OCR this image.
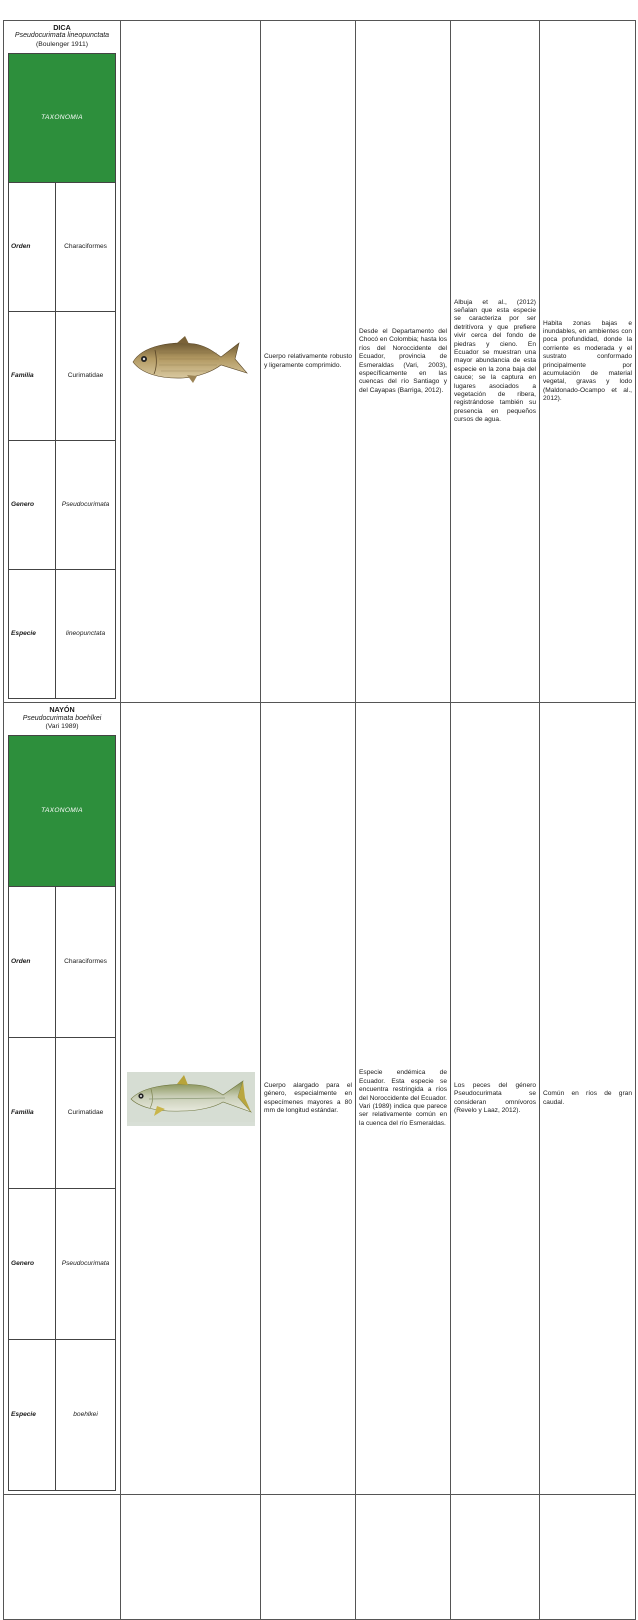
DICA
Pseudocurimata lineopunctata
(Boulenger 1911)
TAXONOMIA
Orden	Characiformes
Familia	Curimatidae
Genero	Pseudocurimata
Especie	lineopunctata
		Cuerpo relativamente robusto y ligeramente comprimido.	Desde el Departamento del Chocó en Colombia; hasta los ríos del Noroccidente del Ecuador, provincia de Esmeraldas (Vari, 2003), específicamente en las cuencas del río Santiago y del Cayapas (Barriga, 2012).	Albuja et al., (2012) señalan que esta especie se caracteriza por ser detritívora y que prefiere vivir cerca del fondo de piedras y cieno. En Ecuador se muestran una mayor abundancia de esta especie en la zona baja del cauce; se la captura en lugares asociados a vegetación de ribera, registrándose también su presencia en pequeños cursos de agua.	Habita zonas bajas e inundables, en ambientes con poca profundidad, donde la corriente es moderada y el sustrato conformado principalmente por acumulación de material vegetal, gravas y lodo (Maldonado-Ocampo et al., 2012).

NAYÓN
Pseudocurimata boehlkei
(Vari 1989)
TAXONOMIA
Orden	Characiformes
Familia	Curimatidae
Genero	Pseudocurimata
Especie	boehlkei
		Cuerpo alargado para el género, especialmente en especímenes mayores a 80 mm de longitud estándar.	Especie endémica de Ecuador. Esta especie se encuentra restringida a ríos del Noroccidente del Ecuador. Vari (1989) indica que parece ser relativamente común en la cuenca del río Esmeraldas.	Los peces del género Pseudocurimata se consideran omnívoros (Revelo y Laaz, 2012).	Común en ríos de gran caudal.
